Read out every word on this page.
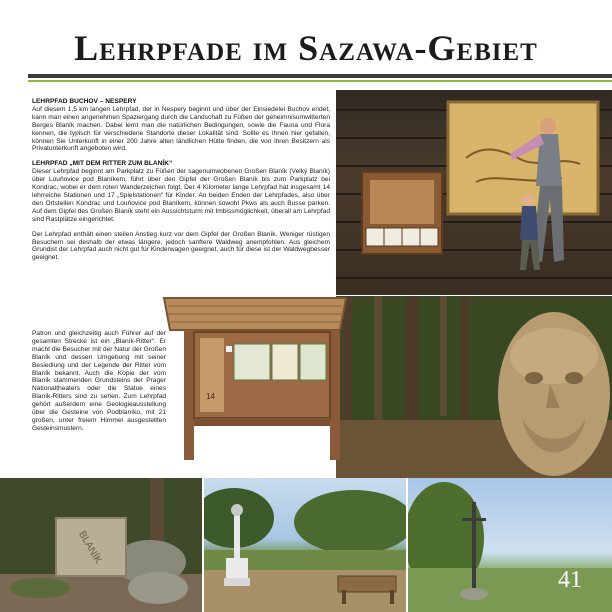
Lehrpfade im Sazawa-Gebiet
LEHRPFAD BUCHOV – NESPERY

Auf diesem 1,5 km langen Lehrpfad, der in Nespery beginnt und über der Einsiedelei Buchov endet, kann man einen angenehmen Spaziergang durch die Landschaft zu Füßen der geheimnisumwitterten Berges Blaník machen. Dabei lernt man die natürlichen Bedingungen, sowie die Fauna und Flora kennen, die typisch für verschiedene Standorte dieser Lokalität sind. Sollte es Ihnen hier gefallen, können Sie Unterkunft in einer 200 Jahre alten ländlichen Hütte finden, die von ihren Besitzern als Privatunterkunft angeboten wird.

LEHRPFAD „MIT DEM RITTER ZUM BLANÍK“

Dieser Lehrpfad beginnt am Parkplatz zu Füßen der sagenumwobenen Großen Blaník (Velký Blaník) über Louňovice pod Blaníkem, führt über den Gipfel der Großen Blaník bis zum Parkplatz bei Kondrac, wobei er dem roten Wanderzeichen folgt. Der 4 Kilometer lange Lehrpfad hat insgesamt 14 lehrreiche Stationen und 17 „Spielstationen“ für Kinder. An beiden Enden der Lehrpfades, also über den Ortsteilen Kondrac und Louňovice pod Blaníkem, können sowohl Pkws als auch Busse parken. Auf dem Gipfel des Großen Blaník steht ein Aussichtsturm mit Imbissmöglichkeit, überall am Lehrpfad sind Rastplätze eingerichtet.

Der Lehrpfad enthält einen steilen Anstieg kurz vor dem Gipfel der Großen Blaník. Weniger rüstigen Besuchern sei deshalb der etwas längere, jedoch sanftere Waldweg anempfohlen. Aus gleichem Grundist der Lehrpfad auch nicht gut für Kinderwagen geeignet, auch für diese ist der Waldwegbesser geeignet.

Patron und gleichzeitig auch Führer auf der gesamten Strecke ist ein „Blaník-Ritter“. Er macht die Besucher mit der Natur der Großen Blaník und dessen Umgebung mit seiner Besiedlung und der Legende der Ritter vom Blaník bekannt. Auch die Kopie der vom Blaník stammenden Grundsteins der Prager Nationaltheaters oder die Statue eines Blaník-Ritters sind zu sehen. Zum Lehrpfad gehört außerdem eine Geologieausstellung über die Gesteine von Podblaníko, mit 21 großen, unter freiem Himmel ausgestellten Gesteinsmustern.
14
BLANÍK
41
